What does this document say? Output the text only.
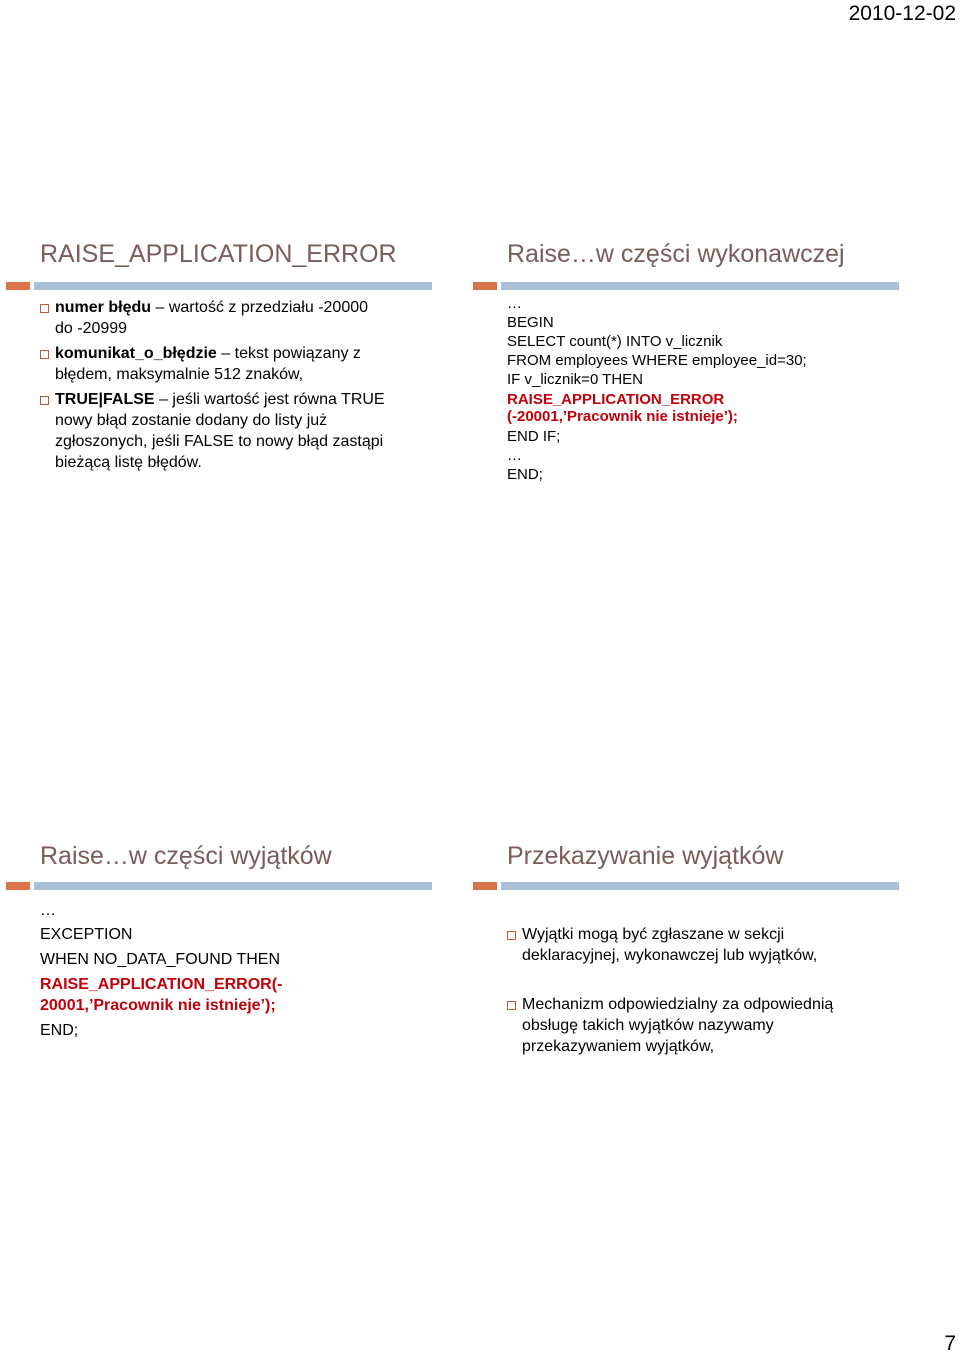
2010-12-02
RAISE_APPLICATION_ERROR
numer błędu – wartość z przedziału -20000
do -20999
komunikat_o_błędzie – tekst powiązany z
błędem, maksymalnie 512 znaków,
TRUE|FALSE – jeśli wartość jest równa TRUE
nowy błąd zostanie dodany do listy już
zgłoszonych, jeśli FALSE to nowy błąd zastąpi
bieżącą listę błędów.
Raise…w części wykonawczej
…
BEGIN
SELECT count(*) INTO v_licznik
FROM employees WHERE employee_id=30;
IF v_licznik=0 THEN
RAISE_APPLICATION_ERROR
(-20001,’Pracownik nie istnieje’);
END IF;
…
END;
Raise…w części wyjątków
…
EXCEPTION
WHEN NO_DATA_FOUND THEN
RAISE_APPLICATION_ERROR(-
20001,’Pracownik nie istnieje’);
END;
Przekazywanie wyjątków
Wyjątki mogą być zgłaszane w sekcji
deklaracyjnej, wykonawczej lub wyjątków,
Mechanizm odpowiedzialny za odpowiednią
obsługę takich wyjątków nazywamy
przekazywaniem wyjątków,
7
